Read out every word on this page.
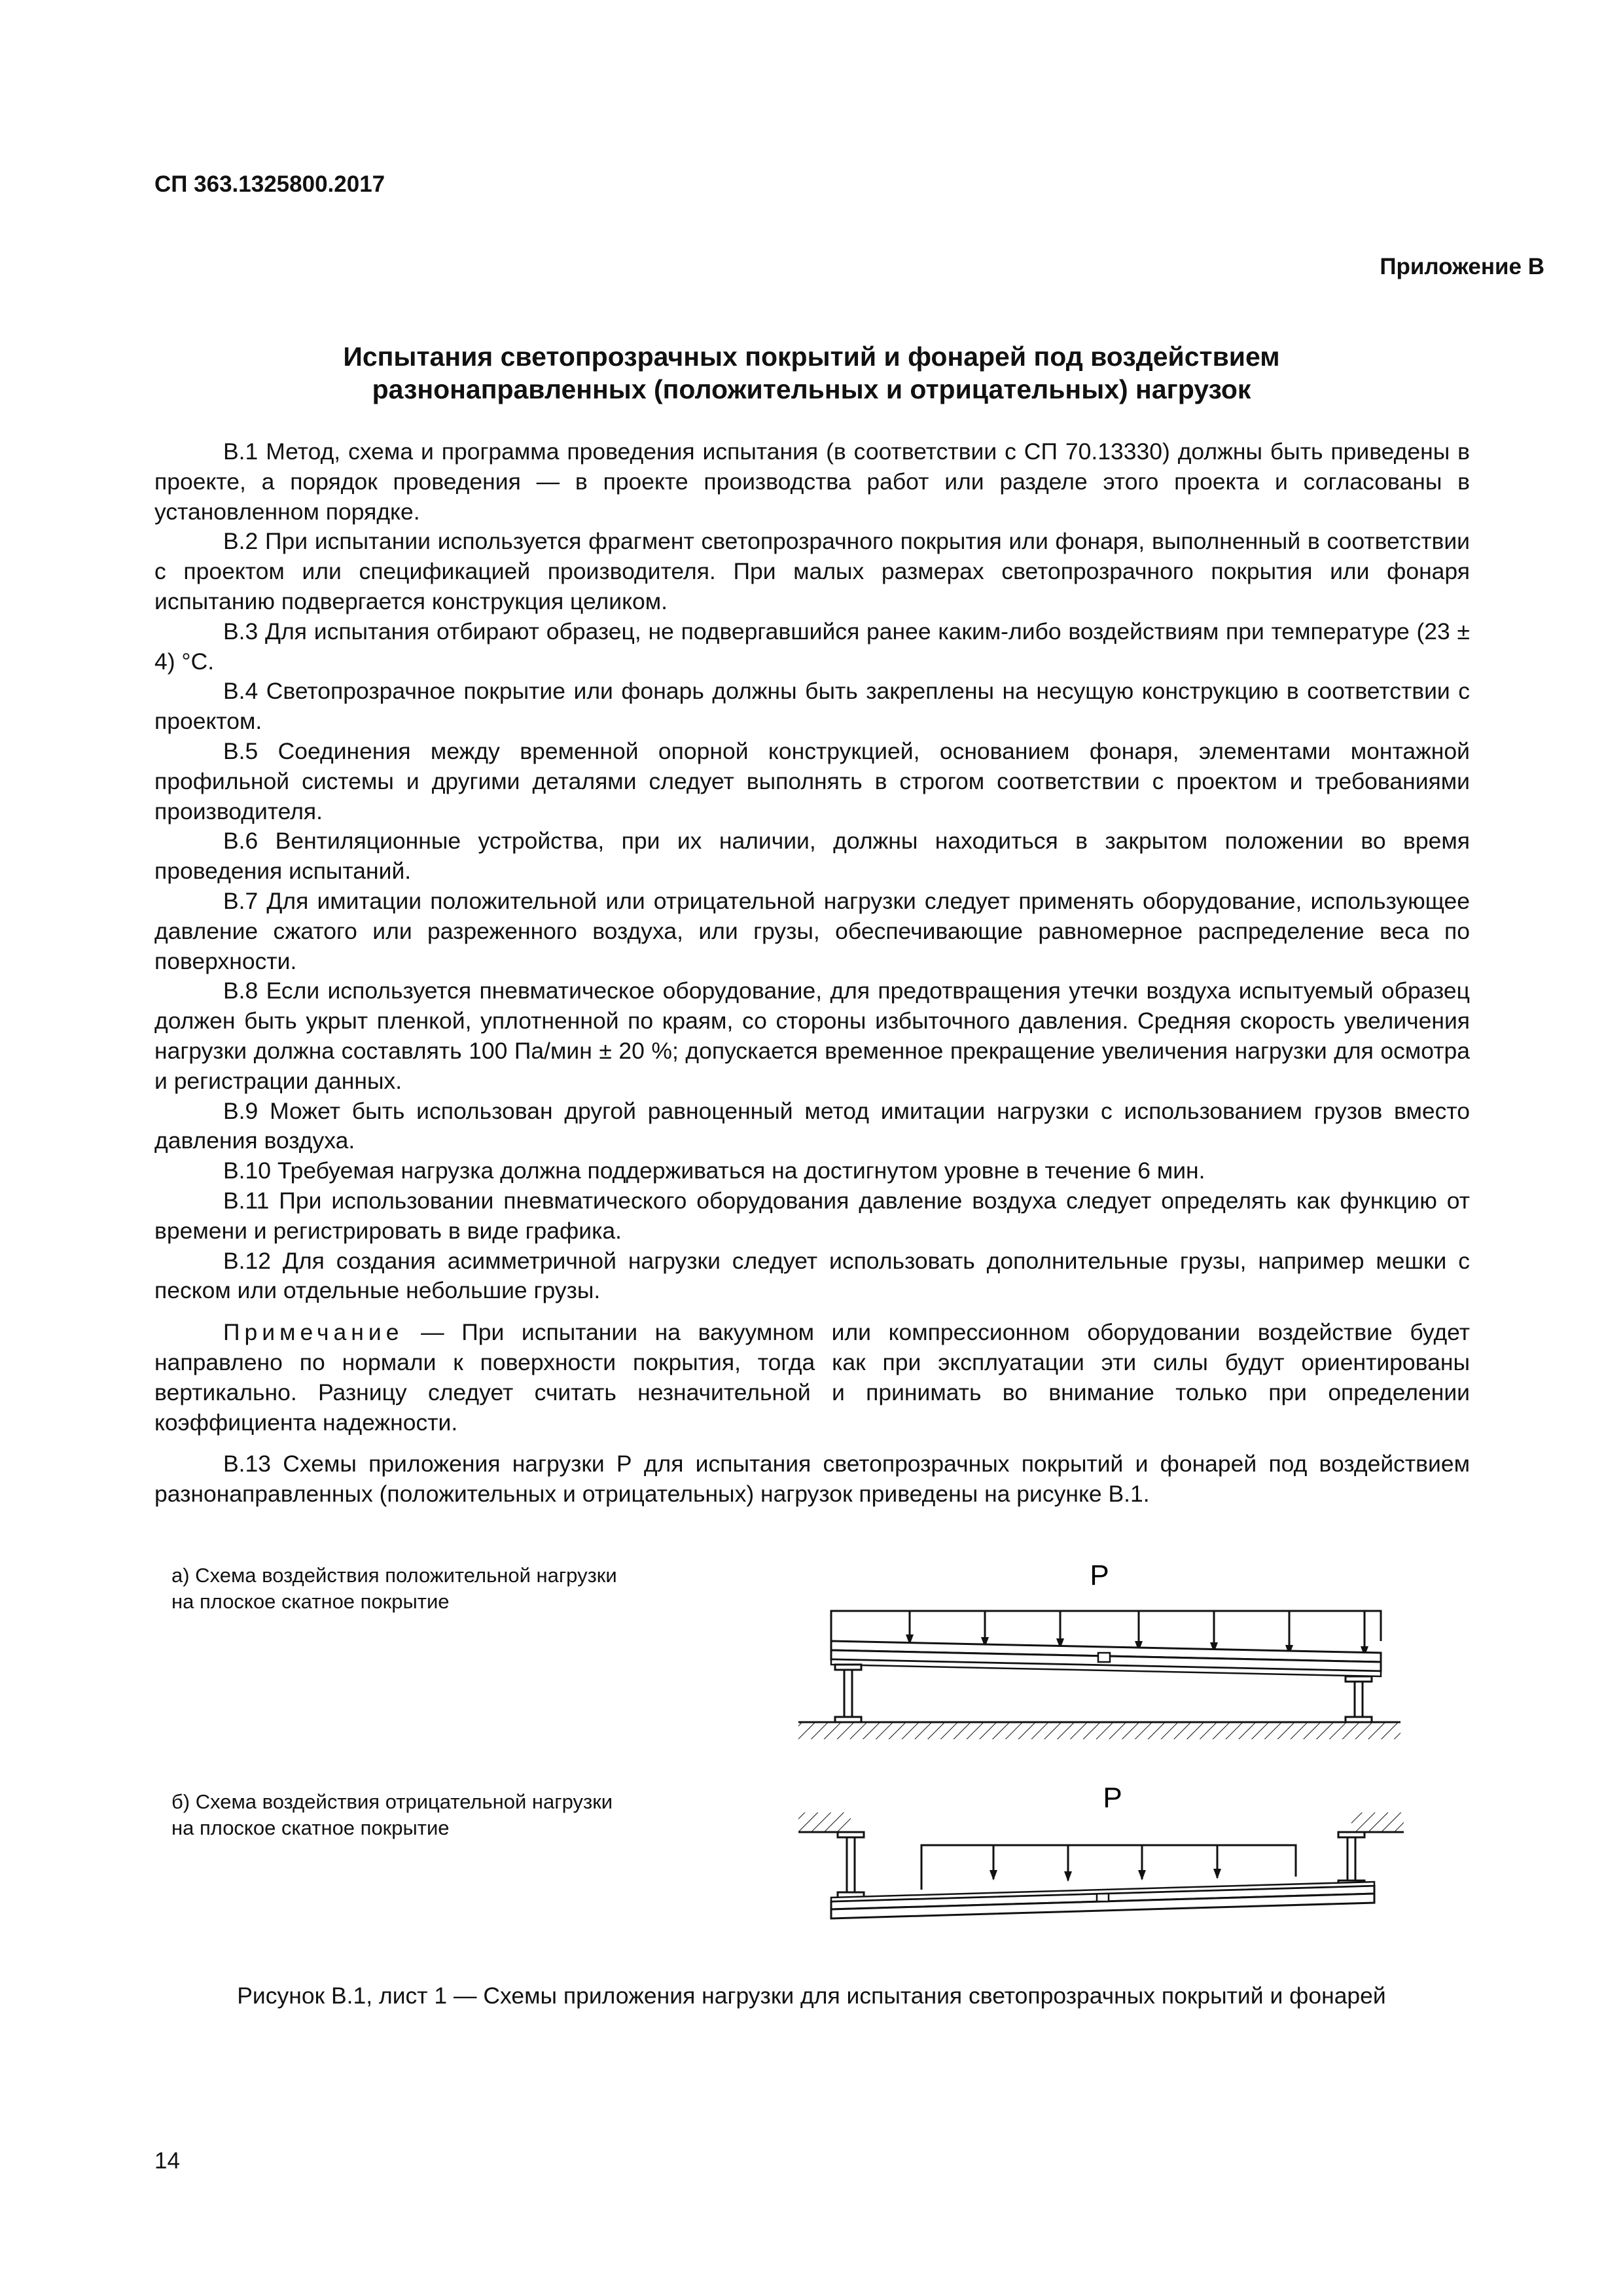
СП 363.1325800.2017
Приложение В
Испытания светопрозрачных покрытий и фонарей под воздействием
разнонаправленных (положительных и отрицательных) нагрузок

В.1 Метод, схема и программа проведения испытания (в соответствии с СП 70.13330) должны быть приведены в проекте, а порядок проведения — в проекте производства работ или разделе этого проекта и согласованы в установленном порядке.

В.2 При испытании используется фрагмент светопрозрачного покрытия или фонаря, выполненный в соответствии с проектом или спецификацией производителя. При малых размерах светопрозрачного покрытия или фонаря испытанию подвергается конструкция целиком.

В.3 Для испытания отбирают образец, не подвергавшийся ранее каким-либо воздействиям при температуре (23 ± 4) °С.

В.4 Светопрозрачное покрытие или фонарь должны быть закреплены на несущую конструкцию в соответствии с проектом.

В.5 Соединения между временной опорной конструкцией, основанием фонаря, элементами монтажной профильной системы и другими деталями следует выполнять в строгом соответствии с проектом и требованиями производителя.

В.6 Вентиляционные устройства, при их наличии, должны находиться в закрытом положении во время проведения испытаний.

В.7 Для имитации положительной или отрицательной нагрузки следует применять оборудование, использующее давление сжатого или разреженного воздуха, или грузы, обеспечивающие равномерное распределение веса по поверхности.

В.8 Если используется пневматическое оборудование, для предотвращения утечки воздуха испытуемый образец должен быть укрыт пленкой, уплотненной по краям, со стороны избыточного давления. Средняя скорость увеличения нагрузки должна составлять 100 Па/мин ± 20 %; допускается временное прекращение увеличения нагрузки для осмотра и регистрации данных.

В.9 Может быть использован другой равноценный метод имитации нагрузки с использованием грузов вместо давления воздуха.

В.10 Требуемая нагрузка должна поддерживаться на достигнутом уровне в течение 6 мин.

В.11 При использовании пневматического оборудования давление воздуха следует определять как функцию от времени и регистрировать в виде графика.

В.12 Для создания асимметричной нагрузки следует использовать дополнительные грузы, например мешки с песком или отдельные небольшие грузы.

Примечание — При испытании на вакуумном или компрессионном оборудовании воздействие будет направлено по нормали к поверхности покрытия, тогда как при эксплуатации эти силы будут ориентированы вертикально. Разницу следует считать незначительной и принимать во внимание только при определении коэффициента надежности.

В.13 Схемы приложения нагрузки Р для испытания светопрозрачных покрытий и фонарей под воздействием разнонаправленных (положительных и отрицательных) нагрузок приведены на рисунке В.1.

а) Схема воздействия положительной нагрузки
на плоское скатное покрытие
б) Схема воздействия отрицательной нагрузки
на плоское скатное покрытие
Р
Р
Рисунок В.1, лист 1 — Схемы приложения нагрузки для испытания светопрозрачных покрытий и фонарей
14
